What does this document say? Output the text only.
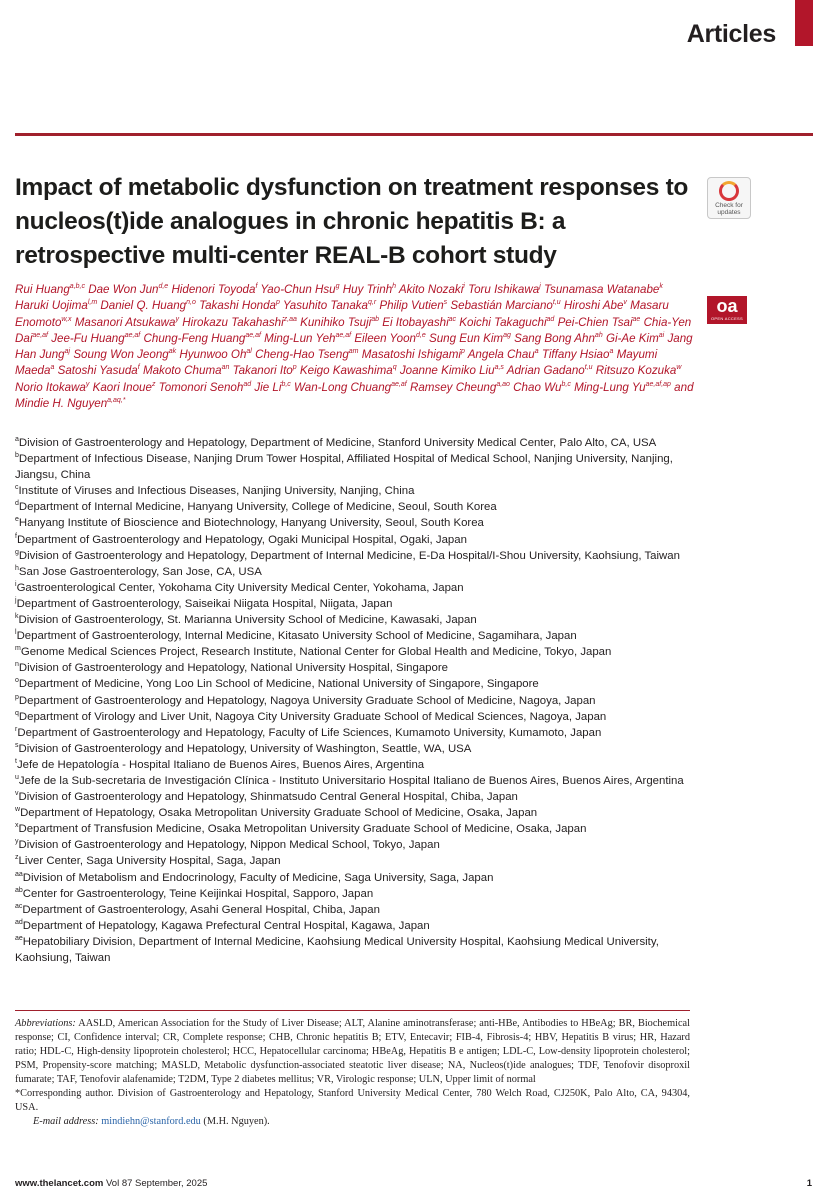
Articles
Impact of metabolic dysfunction on treatment responses to nucleos(t)ide analogues in chronic hepatitis B: a retrospective multi-center REAL-B cohort study
Check for
updates
oa
OPEN ACCESS
Rui Huang$^{a,b,c}$ Dae Won Jun$^{d,e}$ Hidenori Toyoda$^f$ Yao-Chun Hsu$^g$ Huy Trinh$^h$ Akito Nozaki$^i$ Toru Ishikawa$^j$ Tsunamasa Watanabe$^k$ Haruki Uojima$^{l,m}$ Daniel Q. Huang$^{n,o}$ Takashi Honda$^p$ Yasuhito Tanaka$^{q,r}$ Philip Vutien$^s$ Sebastián Marciano$^{t,u}$ Hiroshi Abe$^v$ Masaru Enomoto$^{w,x}$ Masanori Atsukawa$^y$ Hirokazu Takahashi$^{z,aa}$ Kunihiko Tsuji$^{ab}$ Ei Itobayashi$^{ac}$ Koichi Takaguchi$^{ad}$ Pei-Chien Tsai$^{ae}$ Chia-Yen Dai$^{ae,af}$ Jee-Fu Huang$^{ae,af}$ Chung-Feng Huang$^{ae,af}$ Ming-Lun Yeh$^{ae,af}$ Eileen Yoon$^{d,e}$ Sung Eun Kim$^{ag}$ Sang Bong Ahn$^{ah}$ Gi-Ae Kim$^{ai}$ Jang Han Jung$^{aj}$ Soung Won Jeong$^{ak}$ Hyunwoo $Oh^{al}$ Cheng-Hao Tseng$^{am}$ Masatoshi Ishigami$^p$ Angela Chau$^a$ Tiffany Hsiao$^a$ Mayumi Maeda$^a$ Satoshi Yasuda$^f$ Makoto Chuma$^{an}$ Takanori Ito$^p$ Keigo Kawashima$^q$ Joanne Kimiko Liu$^{a,s}$ Adrian Gadano$^{t,u}$ Ritsuzo Kozuka$^w$ Norio Itokawa$^y$ Kaori Inoue$^z$ Tomonori Senoh$^{ad}$ Jie Li$^{b,c}$ Wan-Long Chuang$^{ae,af}$ Ramsey Cheung$^{a,ao}$ Chao Wu$^{b,c}$ Ming-Lung $Yu^{ae,af,ap}$ and Mindie H. Nguyen$^{a,aq,*}$
$^a$Division of Gastroenterology and Hepatology, Department of Medicine, Stanford University Medical Center, Palo Alto, CA, USA
$^b$Department of Infectious Disease, Nanjing Drum Tower Hospital, Affiliated Hospital of Medical School, Nanjing University, Nanjing, Jiangsu, China
$^c$Institute of Viruses and Infectious Diseases, Nanjing University, Nanjing, China
$^d$Department of Internal Medicine, Hanyang University, College of Medicine, Seoul, South Korea
$^e$Hanyang Institute of Bioscience and Biotechnology, Hanyang University, Seoul, South Korea
$^f$Department of Gastroenterology and Hepatology, Ogaki Municipal Hospital, Ogaki, Japan
$^g$Division of Gastroenterology and Hepatology, Department of Internal Medicine, E-Da Hospital/I-Shou University, Kaohsiung, Taiwan
$^h$San Jose Gastroenterology, San Jose, CA, USA
$^i$Gastroenterological Center, Yokohama City University Medical Center, Yokohama, Japan
$^j$Department of Gastroenterology, Saiseikai Niigata Hospital, Niigata, Japan
$^k$Division of Gastroenterology, St. Marianna University School of Medicine, Kawasaki, Japan
$^l$Department of Gastroenterology, Internal Medicine, Kitasato University School of Medicine, Sagamihara, Japan
$^m$Genome Medical Sciences Project, Research Institute, National Center for Global Health and Medicine, Tokyo, Japan
$^n$Division of Gastroenterology and Hepatology, National University Hospital, Singapore
$^o$Department of Medicine, Yong Loo Lin School of Medicine, National University of Singapore, Singapore
$^p$Department of Gastroenterology and Hepatology, Nagoya University Graduate School of Medicine, Nagoya, Japan
$^q$Department of Virology and Liver Unit, Nagoya City University Graduate School of Medical Sciences, Nagoya, Japan
$^r$Department of Gastroenterology and Hepatology, Faculty of Life Sciences, Kumamoto University, Kumamoto, Japan
$^s$Division of Gastroenterology and Hepatology, University of Washington, Seattle, WA, USA
$^t$Jefe de Hepatología - Hospital Italiano de Buenos Aires, Buenos Aires, Argentina
$^u$Jefe de la Sub-secretaria de Investigación Clínica - Instituto Universitario Hospital Italiano de Buenos Aires, Buenos Aires, Argentina
$^v$Division of Gastroenterology and Hepatology, Shinmatsudo Central General Hospital, Chiba, Japan
$^w$Department of Hepatology, Osaka Metropolitan University Graduate School of Medicine, Osaka, Japan
$^x$Department of Transfusion Medicine, Osaka Metropolitan University Graduate School of Medicine, Osaka, Japan
$^y$Division of Gastroenterology and Hepatology, Nippon Medical School, Tokyo, Japan
$^z$Liver Center, Saga University Hospital, Saga, Japan
$^{aa}$Division of Metabolism and Endocrinology, Faculty of Medicine, Saga University, Saga, Japan
$^{ab}$Center for Gastroenterology, Teine Keijinkai Hospital, Sapporo, Japan
$^{ac}$Department of Gastroenterology, Asahi General Hospital, Chiba, Japan
$^{ad}$Department of Hepatology, Kagawa Prefectural Central Hospital, Kagawa, Japan
$^{ae}$Hepatobiliary Division, Department of Internal Medicine, Kaohsiung Medical University Hospital, Kaohsiung Medical University, Kaohsiung, Taiwan

Abbreviations: AASLD, American Association for the Study of Liver Disease; ALT, Alanine aminotransferase; anti-HBe, Antibodies to HBeAg; BR, Biochemical response; CI, Confidence interval; CR, Complete response; CHB, Chronic hepatitis B; ETV, Entecavir; FIB-4, Fibrosis-4; HBV, Hepatitis B virus; HR, Hazard ratio; HDL-C, High-density lipoprotein cholesterol; HCC, Hepatocellular carcinoma; HBeAg, Hepatitis B e antigen; LDL-C, Low-density lipoprotein cholesterol; PSM, Propensity-score matching; MASLD, Metabolic dysfunction-associated steatotic liver disease; NA, Nucleos(t)ide analogues; TDF, Tenofovir disoproxil fumarate; TAF, Tenofovir alafenamide; T2DM, Type 2 diabetes mellitus; VR, Virologic response; ULN, Upper limit of normal

*Corresponding author. Division of Gastroenterology and Hepatology, Stanford University Medical Center, 780 Welch Road, CJ250K, Palo Alto, CA, 94304, USA.

E-mail address: mindiehn@stanford.edu (M.H. Nguyen).

www.thelancet.com Vol 87 September, 2025	1
